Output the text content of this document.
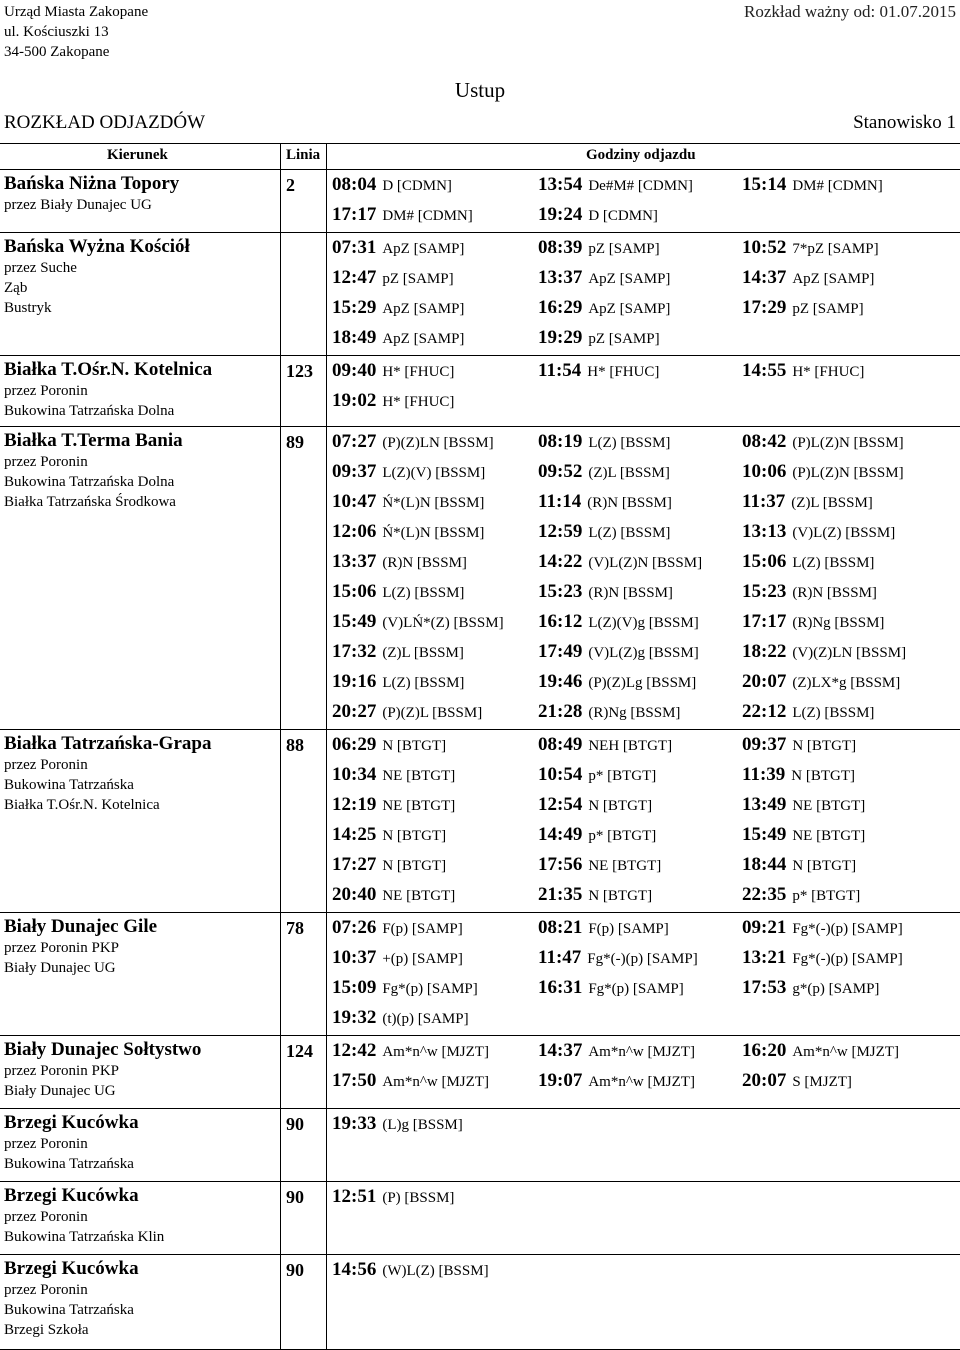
Urząd Miasta Zakopane
ul. Kościuszki 13
34-500 Zakopane
Rozkład ważny od: 01.07.2015
Ustup
ROZKŁAD ODJAZDÓW	Stanowisko 1
Kierunek	Linia	Godziny odjazdu
Bańska Niżna Topory
przez Biały Dunajec UG
2 08:04 D [CDMN]	13:54 De#M# [CDMN]	15:14 DM# [CDMN]
17:17 DM# [CDMN]	19:24 D [CDMN]
Bańska Wyżna Kościół
przez Suche
Ząb
Bustryk
07:31 ApZ [SAMP]	08:39 pZ [SAMP]	10:52 7*pZ [SAMP]
12:47 pZ [SAMP]	13:37 ApZ [SAMP]	14:37 ApZ [SAMP]
15:29 ApZ [SAMP]	16:29 ApZ [SAMP]	17:29 pZ [SAMP]
18:49 ApZ [SAMP]	19:29 pZ [SAMP]
Białka T.Ośr.N. Kotelnica
przez Poronin
Bukowina Tatrzańska Dolna
123 09:40 H* [FHUC]	11:54 H* [FHUC]	14:55 H* [FHUC]
19:02 H* [FHUC]
Białka T.Terma Bania
przez Poronin
Bukowina Tatrzańska Dolna
Białka Tatrzańska Środkowa
89 07:27 (P)(Z)LN [BSSM] 08:19 L(Z) [BSSM]	08:42 (P)L(Z)N [BSSM]
09:37 L(Z)(V) [BSSM]	09:52 (Z)L [BSSM]	10:06 (P)L(Z)N [BSSM]
10:47 Ń*(L)N [BSSM]	11:14 (R)N [BSSM]	11:37 (Z)L [BSSM]
12:06 Ń*(L)N [BSSM]	12:59 L(Z) [BSSM]	13:13 (V)L(Z) [BSSM]
13:37 (R)N [BSSM]	14:22 (V)L(Z)N [BSSM] 15:06 L(Z) [BSSM]
15:06 L(Z) [BSSM]	15:23 (R)N [BSSM]	15:23 (R)N [BSSM]
15:49 (V)LŃ*(Z) [BSSM] 16:12 L(Z)(V)g [BSSM] 17:17 (R)Ng [BSSM]
17:32 (Z)L [BSSM]	17:49 (V)L(Z)g [BSSM] 18:22 (V)(Z)LN [BSSM]
19:16 L(Z) [BSSM]	19:46 (P)(Z)Lg [BSSM] 20:07 (Z)LX*g [BSSM]
20:27 (P)(Z)L [BSSM]	21:28 (R)Ng [BSSM]	22:12 L(Z) [BSSM]
Białka Tatrzańska-Grapa
przez Poronin
Bukowina Tatrzańska
Białka T.Ośr.N. Kotelnica
88 06:29 N [BTGT]	08:49 NEH [BTGT]	09:37 N [BTGT]
10:34 NE [BTGT]	10:54 p* [BTGT]	11:39 N [BTGT]
12:19 NE [BTGT]	12:54 N [BTGT]	13:49 NE [BTGT]
14:25 N [BTGT]	14:49 p* [BTGT]	15:49 NE [BTGT]
17:27 N [BTGT]	17:56 NE [BTGT]	18:44 N [BTGT]
20:40 NE [BTGT]	21:35 N [BTGT]	22:35 p* [BTGT]
Biały Dunajec Gile
przez Poronin PKP
Biały Dunajec UG
78 07:26 F(p) [SAMP]	08:21 F(p) [SAMP]	09:21 Fg*(-)(p) [SAMP]
10:37 +(p) [SAMP]	11:47 Fg*(-)(p) [SAMP] 13:21 Fg*(-)(p) [SAMP]
15:09 Fg*(p) [SAMP]	16:31 Fg*(p) [SAMP]	17:53 g*(p) [SAMP]
19:32 (t)(p) [SAMP]
Biały Dunajec Sołtystwo
przez Poronin PKP
Biały Dunajec UG
124 12:42 Am*n^w [MJZT]	14:37 Am*n^w [MJZT] 16:20 Am*n^w [MJZT]
17:50 Am*n^w [MJZT]	19:07 Am*n^w [MJZT] 20:07 S [MJZT]
Brzegi Kucówka
przez Poronin
Bukowina Tatrzańska
90 19:33 (L)g [BSSM]
Brzegi Kucówka
przez Poronin
Bukowina Tatrzańska Klin
90 12:51 (P) [BSSM]
Brzegi Kucówka
przez Poronin
Bukowina Tatrzańska
Brzegi Szkoła
90 14:56 (W)L(Z) [BSSM]
